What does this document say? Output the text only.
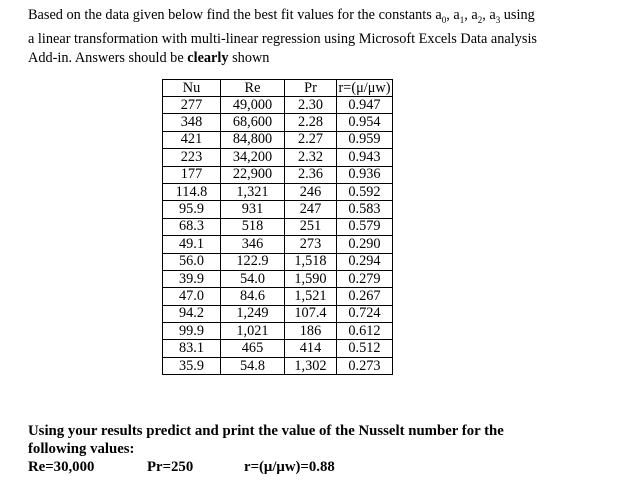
Based on the data given below find the best fit values for the constants $a_0$, $a_1$, $a_2$, $a_3$ using
a linear transformation with multi-linear regression using Microsoft Excels Data analysis
Add-in. Answers should be clearly shown
Nu	Re	Pr	r=(μ/μw)
277	49,000	2.30	0.947
348	68,600	2.28	0.954
421	84,800	2.27	0.959
223	34,200	2.32	0.943
177	22,900	2.36	0.936
114.8	1,321	246	0.592
95.9	931	247	0.583
68.3	518	251	0.579
49.1	346	273	0.290
56.0	122.9	1,518	0.294
39.9	54.0	1,590	0.279
47.0	84.6	1,521	0.267
94.2	1,249	107.4	0.724
99.9	1,021	186	0.612
83.1	465	414	0.512
35.9	54.8	1,302	0.273
Using your results predict and print the value of the Nusselt number for the
following values:
Re=30,000	Pr=250	r=(μ/μw)=0.88
